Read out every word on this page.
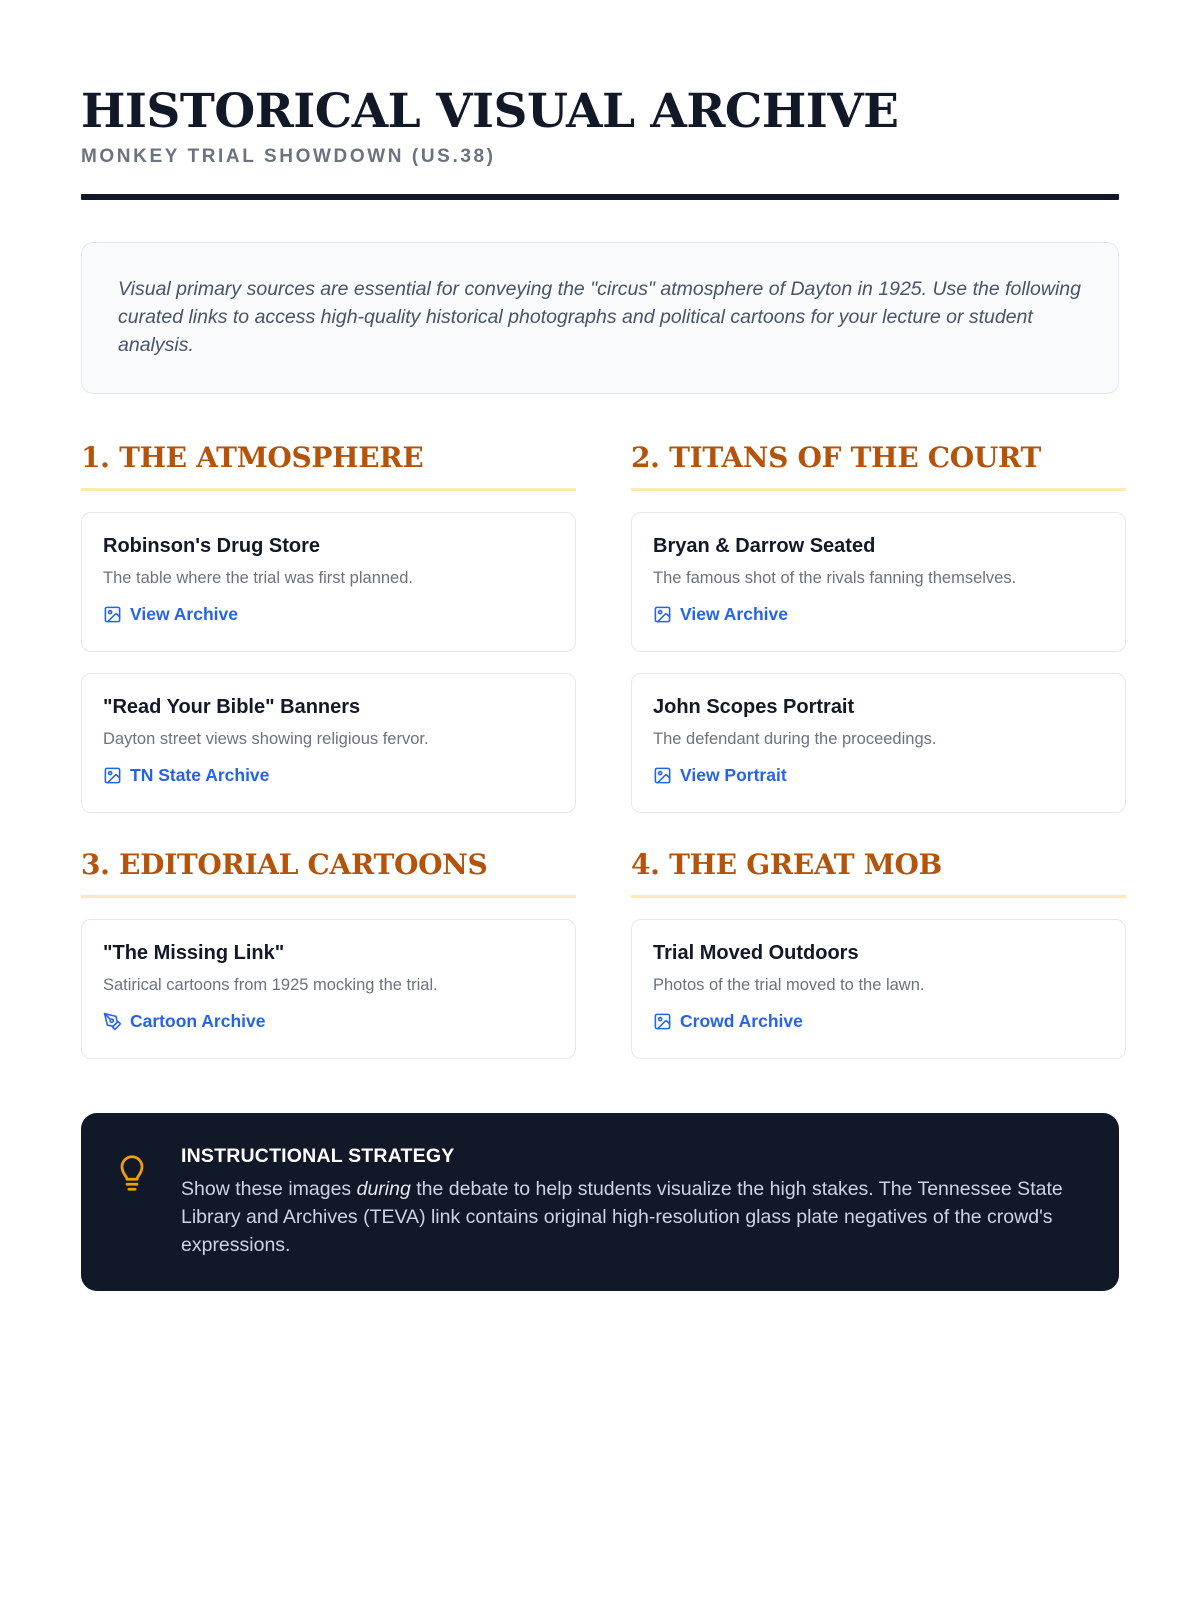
HISTORICAL VISUAL ARCHIVE
MONKEY TRIAL SHOWDOWN (US.38)

Visual primary sources are essential for conveying the "circus" atmosphere of Dayton in 1925. Use the following curated links to access high-quality historical photographs and political cartoons for your lecture or student analysis.

1. THE ATMOSPHERE
Robinson's Drug Store
The table where the trial was first planned.
View Archive
"Read Your Bible" Banners
Dayton street views showing religious fervor.
TN State Archive
2. TITANS OF THE COURT
Bryan & Darrow Seated
The famous shot of the rivals fanning themselves.
View Archive
John Scopes Portrait
The defendant during the proceedings.
View Portrait
3. EDITORIAL CARTOONS
"The Missing Link"
Satirical cartoons from 1925 mocking the trial.
Cartoon Archive
4. THE GREAT MOB
Trial Moved Outdoors
Photos of the trial moved to the lawn.
Crowd Archive
INSTRUCTIONAL STRATEGY

Show these images during the debate to help students visualize the high stakes. The Tennessee State Library and Archives (TEVA) link contains original high-resolution glass plate negatives of the crowd's expressions.
